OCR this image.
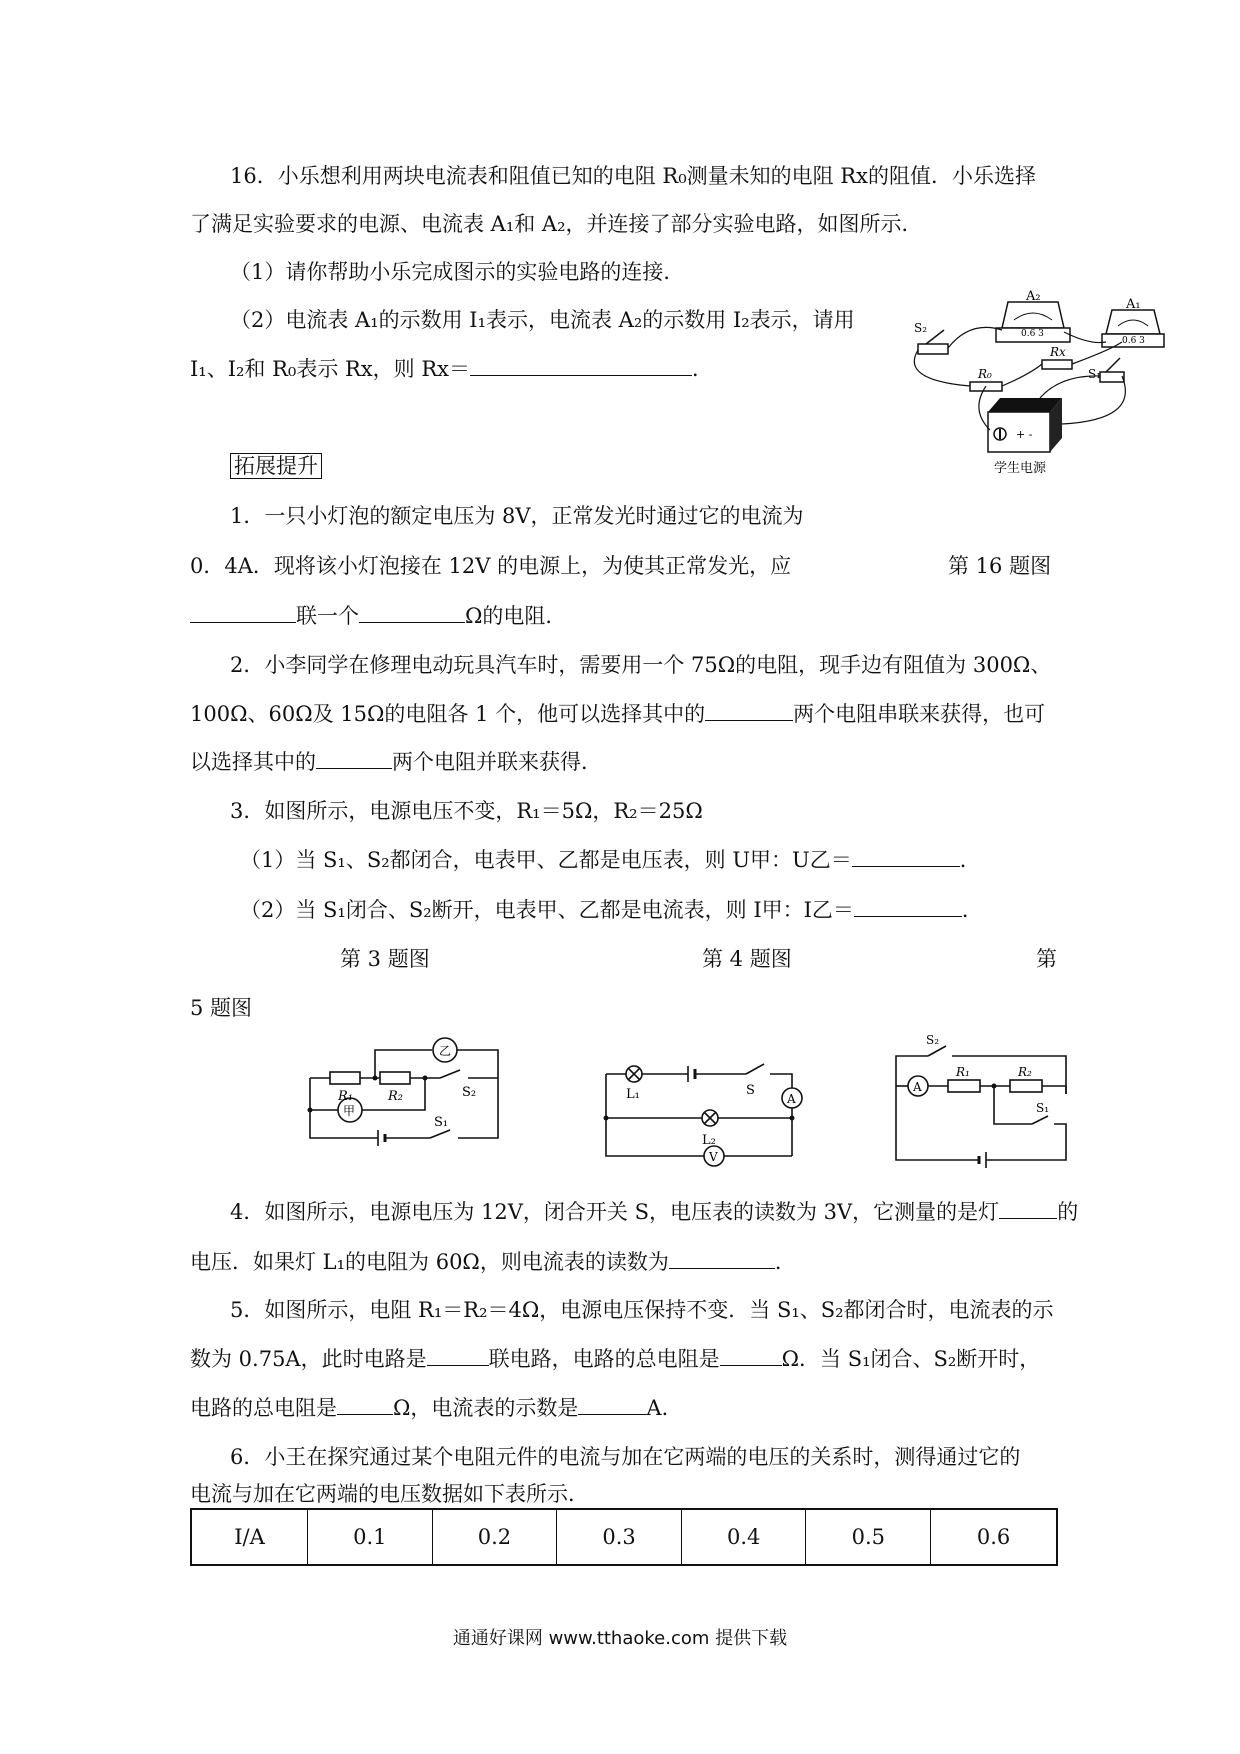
16．小乐想利用两块电流表和阻值已知的电阻 R₀测量未知的电阻 Rx的阻值．小乐选择
了满足实验要求的电源、电流表 A₁和 A₂，并连接了部分实验电路，如图所示．
（1）请你帮助小乐完成图示的实验电路的连接．
（2）电流表 A₁的示数用 I₁表示，电流表 A₂的示数用 I₂表示，请用
I₁、I₂和 R₀表示 Rx，则 Rx＝	．
0.6 3
A₂
0.6 3
A₁
S₂
Rx
R₀	S₁
+ -
学生电源
第 16 题图
拓展提升
1．一只小灯泡的额定电压为 8V，正常发光时通过它的电流为
0．4A．现将该小灯泡接在 12V 的电源上，为使其正常发光，应
联一个	Ω的电阻．
2．小李同学在修理电动玩具汽车时，需要用一个 75Ω的电阻，现手边有阻值为 300Ω、
100Ω、60Ω及 15Ω的电阻各 1 个，他可以选择其中的	两个电阻串联来获得，也可
以选择其中的	两个电阻并联来获得．
3．如图所示，电源电压不变，R₁＝5Ω，R₂＝25Ω
（1）当 S₁、S₂都闭合，电表甲、乙都是电压表，则 U甲：U乙＝	．
（2）当 S₁闭合、S₂断开，电表甲、乙都是电流表，则 I甲：I乙＝	．
第 3 题图	第 4 题图	第
5 题图
R₁	R₂	S₂
S₁
甲
乙
L₁
L₂
S
A
V
S₂
A
R₁	R₂
S₁
4．如图所示，电源电压为 12V，闭合开关 S，电压表的读数为 3V，它测量的是灯	的
电压．如果灯 L₁的电阻为 60Ω，则电流表的读数为	．
5．如图所示，电阻 R₁＝R₂＝4Ω，电源电压保持不变．当 S₁、S₂都闭合时，电流表的示
数为 0.75A，此时电路是	联电路，电路的总电阻是	Ω．当 S₁闭合、S₂断开时，
电路的总电阻是	Ω，电流表的示数是	A．
6．小王在探究通过某个电阻元件的电流与加在它两端的电压的关系时，测得通过它的
电流与加在它两端的电压数据如下表所示．
I/A	0.1	0.2	0.3	0.4	0.5	0.6
通通好课网 www.tthaoke.com 提供下载
